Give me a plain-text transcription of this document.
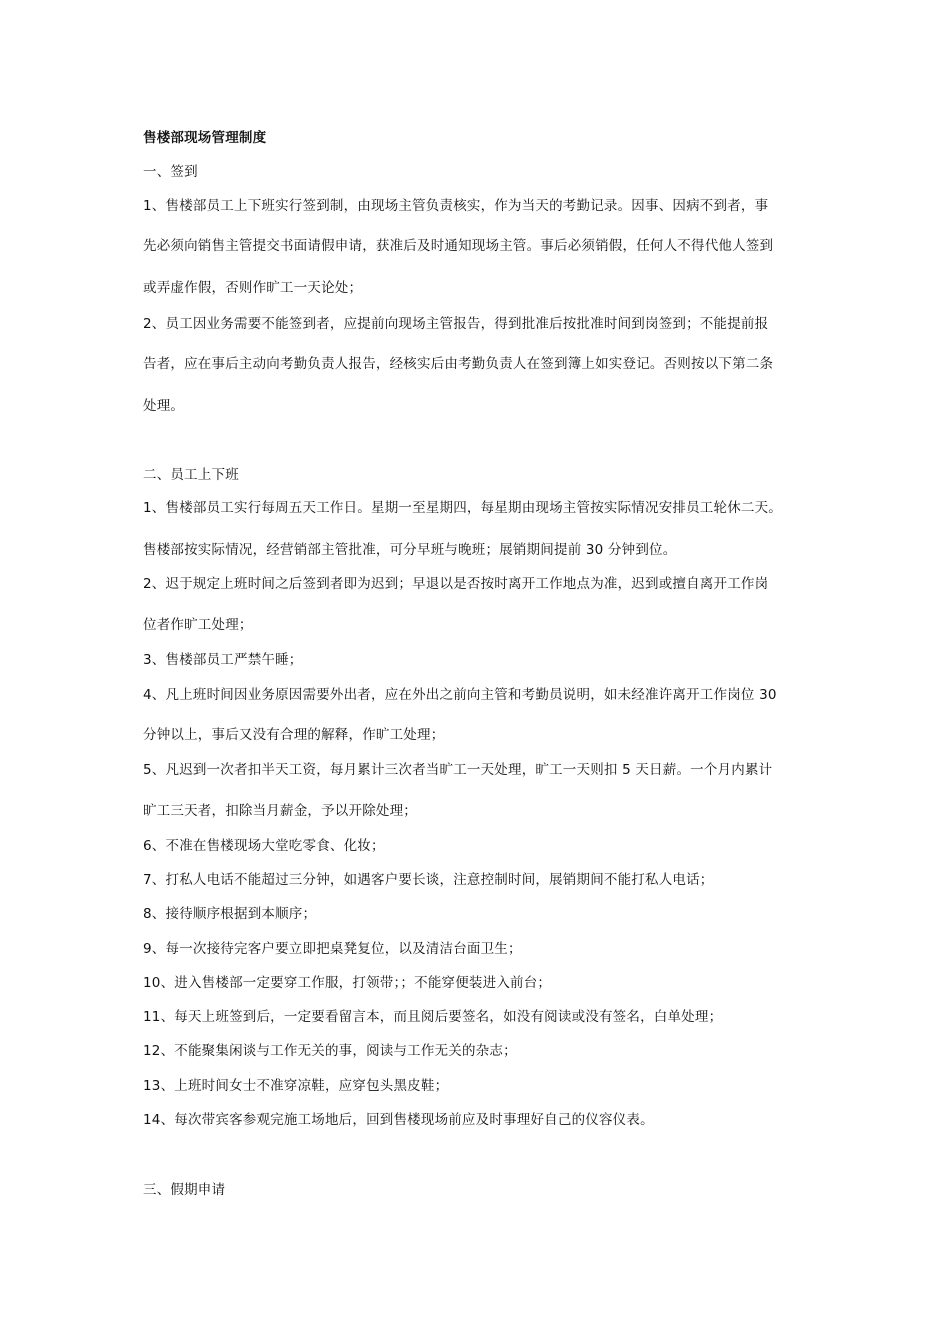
售楼部现场管理制度
一、签到
1、售楼部员工上下班实行签到制，由现场主管负责核实，作为当天的考勤记录。因事、因病不到者，事
先必须向销售主管提交书面请假申请，获准后及时通知现场主管。事后必须销假，任何人不得代他人签到
或弄虚作假，否则作旷工一天论处；
2、员工因业务需要不能签到者，应提前向现场主管报告，得到批准后按批准时间到岗签到；不能提前报
告者，应在事后主动向考勤负责人报告，经核实后由考勤负责人在签到簿上如实登记。否则按以下第二条
处理。
二、员工上下班
1、售楼部员工实行每周五天工作日。星期一至星期四，每星期由现场主管按实际情况安排员工轮休二天。
售楼部按实际情况，经营销部主管批准，可分早班与晚班；展销期间提前 30 分钟到位。
2、迟于规定上班时间之后签到者即为迟到；早退以是否按时离开工作地点为准，迟到或擅自离开工作岗
位者作旷工处理；
3、售楼部员工严禁午睡；
4、凡上班时间因业务原因需要外出者，应在外出之前向主管和考勤员说明，如未经准许离开工作岗位 30
分钟以上，事后又没有合理的解释，作旷工处理；
5、凡迟到一次者扣半天工资，每月累计三次者当旷工一天处理，旷工一天则扣 5 天日薪。一个月内累计
旷工三天者，扣除当月薪金，予以开除处理；
6、不准在售楼现场大堂吃零食、化妆；
7、打私人电话不能超过三分钟，如遇客户要长谈，注意控制时间，展销期间不能打私人电话；
8、接待顺序根据到本顺序；
9、每一次接待完客户要立即把桌凳复位，以及清洁台面卫生；
10、进入售楼部一定要穿工作服，打领带；；不能穿便装进入前台；
11、每天上班签到后，一定要看留言本，而且阅后要签名，如没有阅读或没有签名，白单处理；
12、不能聚集闲谈与工作无关的事，阅读与工作无关的杂志；
13、上班时间女士不准穿凉鞋，应穿包头黑皮鞋；
14、每次带宾客参观完施工场地后，回到售楼现场前应及时事理好自己的仪容仪表。
三、假期申请
